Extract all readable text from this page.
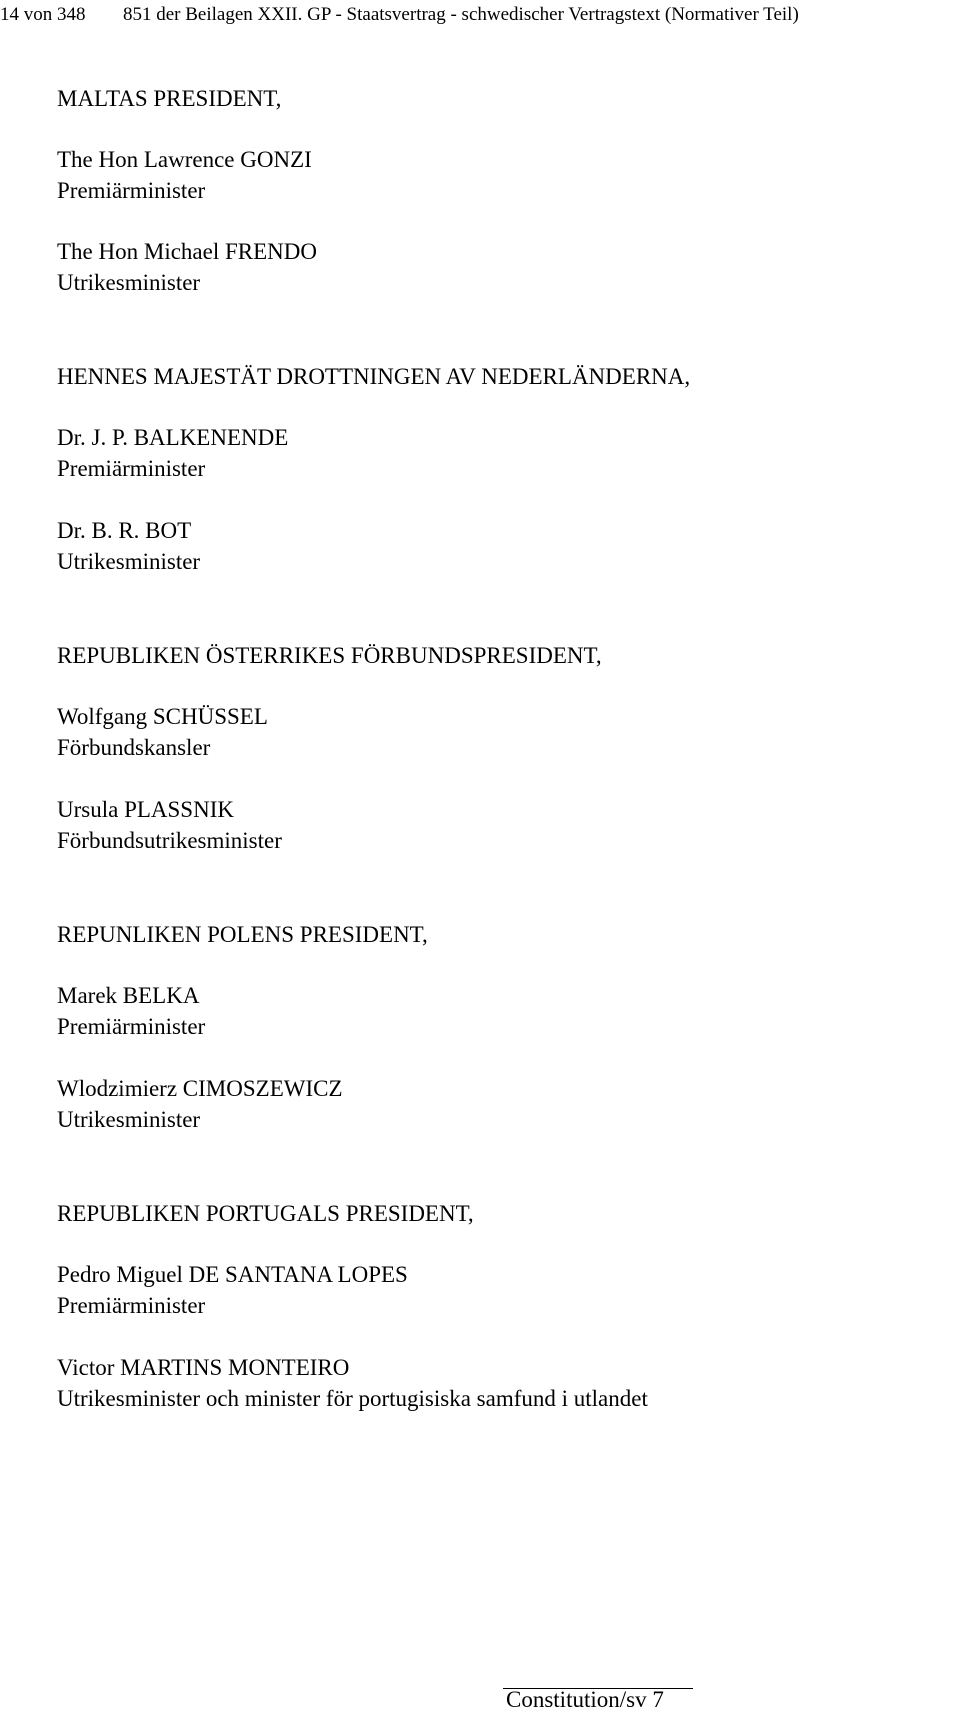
14 von 348 851 der Beilagen XXII. GP - Staatsvertrag - schwedischer Vertragstext (Normativer Teil)
MALTAS PRESIDENT,
The Hon Lawrence GONZI
Premiärminister
The Hon Michael FRENDO
Utrikesminister
HENNES MAJESTÄT DROTTNINGEN AV NEDERLÄNDERNA,
Dr. J. P. BALKENENDE
Premiärminister
Dr. B. R. BOT
Utrikesminister
REPUBLIKEN ÖSTERRIKES FÖRBUNDSPRESIDENT,
Wolfgang SCHÜSSEL
Förbundskansler
Ursula PLASSNIK
Förbundsutrikesminister
REPUNLIKEN POLENS PRESIDENT,
Marek BELKA
Premiärminister
Wlodzimierz CIMOSZEWICZ
Utrikesminister
REPUBLIKEN PORTUGALS PRESIDENT,
Pedro Miguel DE SANTANA LOPES
Premiärminister
Victor MARTINS MONTEIRO
Utrikesminister och minister för portugisiska samfund i utlandet
Constitution/sv 7
